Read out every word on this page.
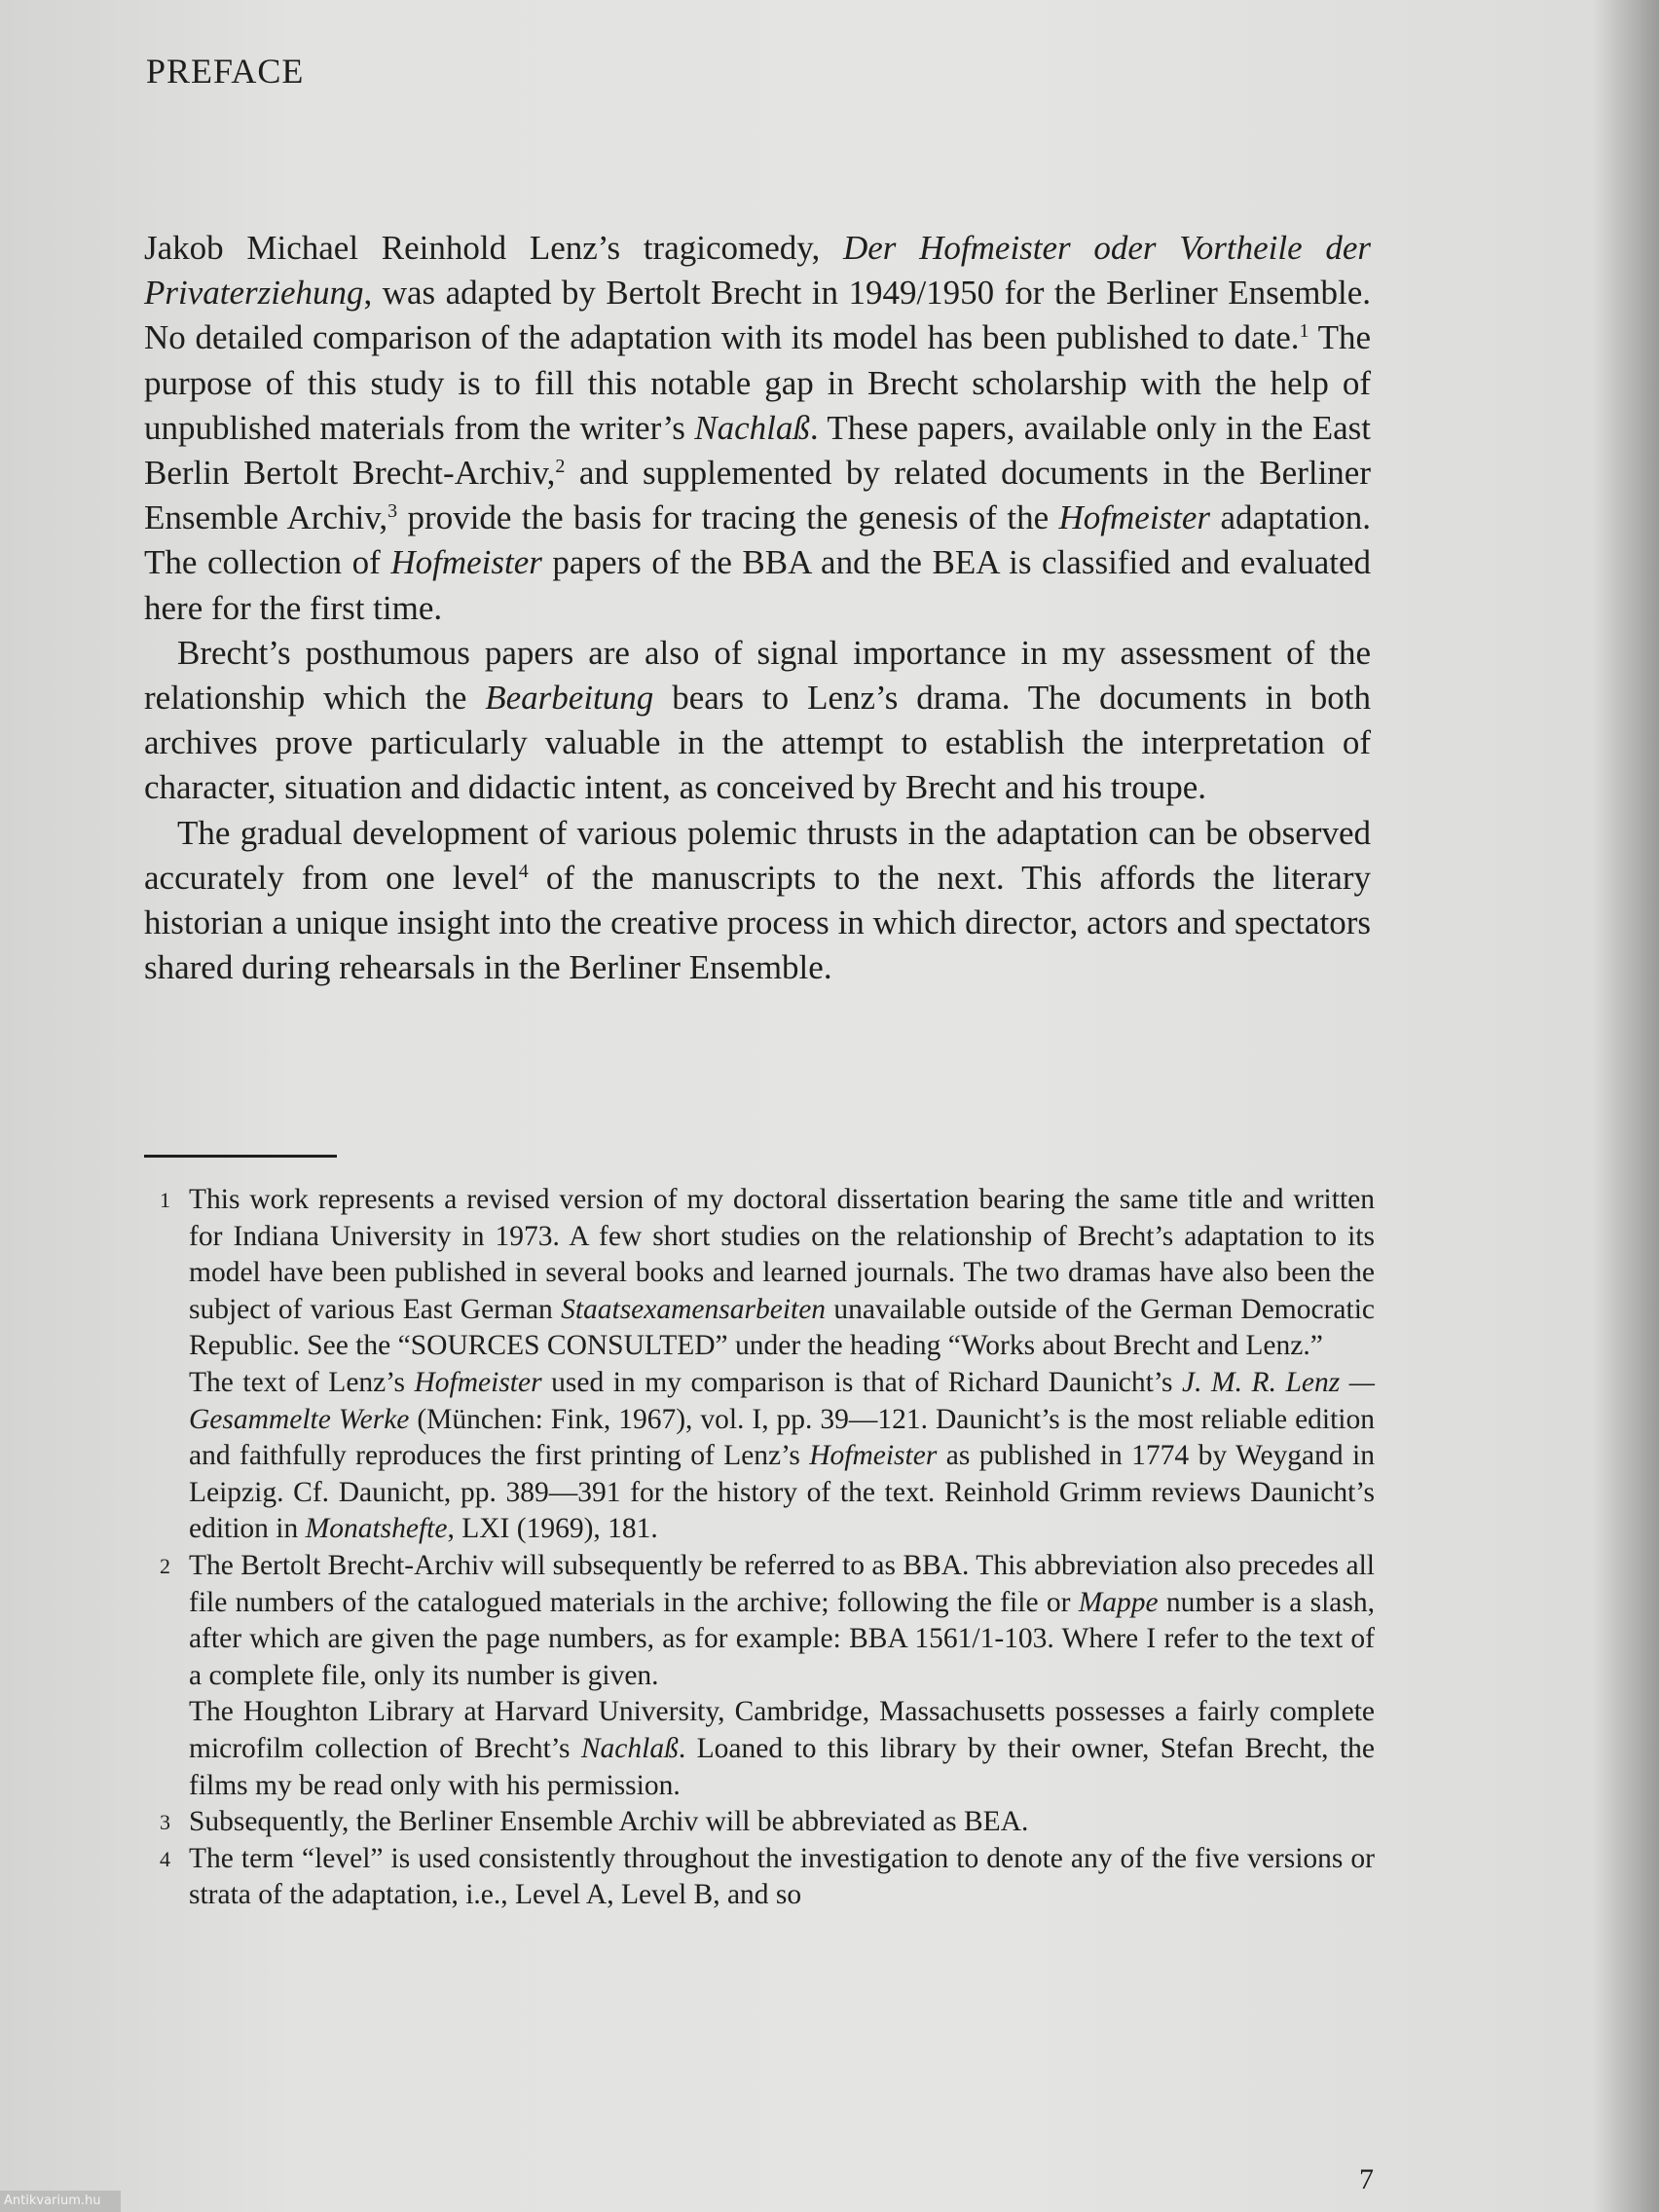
PREFACE

Jakob Michael Reinhold Lenz’s tragicomedy, Der Hofmeister oder Vortheile der Privaterziehung, was adapted by Bertolt Brecht in 1949/1950 for the Berliner Ensemble. No detailed comparison of the adaptation with its model has been published to date.$^1$ The purpose of this study is to fill this notable gap in Brecht scholarship with the help of unpublished materials from the writer’s Nachlaß. These papers, available only in the East Berlin Bertolt Brecht-Archiv,$^2$ and supplemented by related documents in the Berliner Ensemble Archiv,$^3$ provide the basis for tracing the genesis of the Hofmeister adaptation. The collection of Hofmeister papers of the BBA and the BEA is classified and evaluated here for the first time.

Brecht’s posthumous papers are also of signal importance in my assessment of the relationship which the Bearbeitung bears to Lenz’s drama. The documents in both archives prove particularly valuable in the attempt to establish the interpretation of character, situation and didactic intent, as conceived by Brecht and his troupe.

The gradual development of various polemic thrusts in the adaptation can be observed accurately from one level$^4$ of the manuscripts to the next. This affords the literary historian a unique insight into the creative process in which director, actors and spectators shared during rehearsals in the Berliner Ensemble.

1 This work represents a revised version of my doctoral dissertation bearing the same title and written for Indiana University in 1973. A few short studies on the relationship of Brecht’s adaptation to its model have been published in several books and learned journals. The two dramas have also been the subject of various East German Staatsexamensarbeiten unavailable outside of the German Democratic Republic. See the “SOURCES CONSULTED” under the heading “Works about Brecht and Lenz.”

The text of Lenz’s Hofmeister used in my comparison is that of Richard Daunicht’s J. M. R. Lenz — Gesammelte Werke (München: Fink, 1967), vol. I, pp. 39—121. Daunicht’s is the most reliable edition and faithfully reproduces the first printing of Lenz’s Hofmeister as published in 1774 by Weygand in Leipzig. Cf. Daunicht, pp. 389—391 for the history of the text. Reinhold Grimm reviews Daunicht’s edition in Monatshefte, LXI (1969), 181.

2 The Bertolt Brecht-Archiv will subsequently be referred to as BBA. This abbreviation also precedes all file numbers of the catalogued materials in the archive; following the file or Mappe number is a slash, after which are given the page numbers, as for example: BBA 1561/1-103. Where I refer to the text of a complete file, only its number is given.

The Houghton Library at Harvard University, Cambridge, Massachusetts possesses a fairly complete microfilm collection of Brecht’s Nachlaß. Loaned to this library by their owner, Stefan Brecht, the films my be read only with his permission.

3 Subsequently, the Berliner Ensemble Archiv will be abbreviated as BEA.

4 The term “level” is used consistently throughout the investigation to denote any of the five versions or strata of the adaptation, i.e., Level A, Level B, and so

7
Antikvarium.hu
